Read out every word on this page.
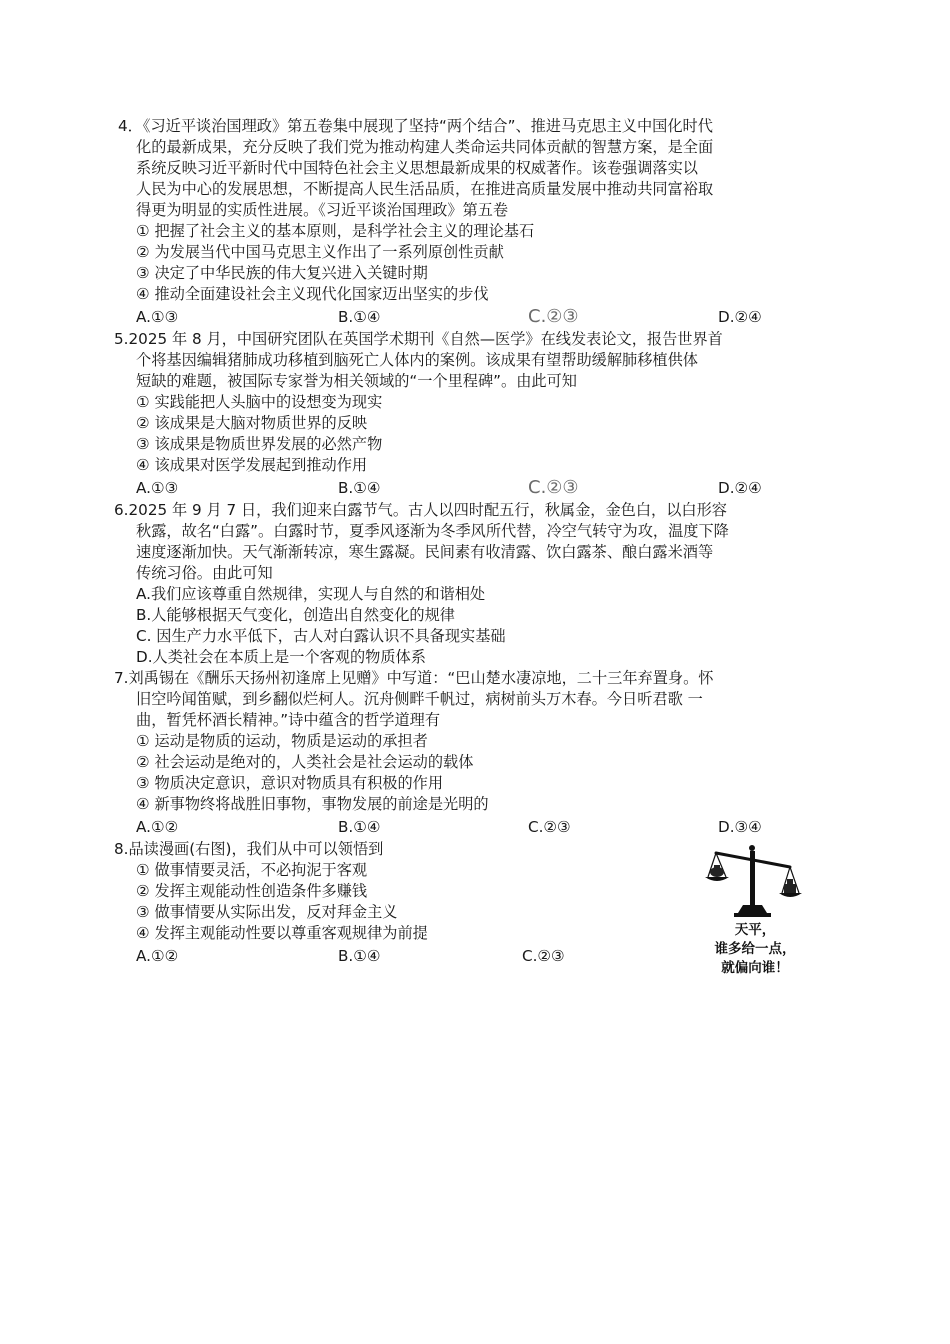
4．《习近平谈治国理政》第五卷集中展现了坚持“两个结合”、推进马克思主义中国化时代
化的最新成果，充分反映了我们党为推动构建人类命运共同体贡献的智慧方案，是全面
系统反映习近平新时代中国特色社会主义思想最新成果的权威著作。该卷强调落实以
人民为中心的发展思想，不断提高人民生活品质，在推进高质量发展中推动共同富裕取
得更为明显的实质性进展。《习近平谈治国理政》第五卷
① 把握了社会主义的基本原则，是科学社会主义的理论基石
② 为发展当代中国马克思主义作出了一系列原创性贡献
③ 决定了中华民族的伟大复兴进入关键时期
④ 推动全面建设社会主义现代化国家迈出坚实的步伐
A.①③	B.①④	C.②③	D.②④
5.2025 年 8 月，中国研究团队在英国学术期刊《自然—医学》在线发表论文，报告世界首
个将基因编辑猪肺成功移植到脑死亡人体内的案例。该成果有望帮助缓解肺移植供体
短缺的难题，被国际专家誉为相关领域的“一个里程碑”。由此可知
① 实践能把人头脑中的设想变为现实
② 该成果是大脑对物质世界的反映
③ 该成果是物质世界发展的必然产物
④ 该成果对医学发展起到推动作用
A.①③	B.①④	C.②③	D.②④
6.2025 年 9 月 7 日，我们迎来白露节气。古人以四时配五行，秋属金，金色白，以白形容
秋露，故名“白露”。白露时节，夏季风逐渐为冬季风所代替，冷空气转守为攻，温度下降
速度逐渐加快。天气渐渐转凉，寒生露凝。民间素有收清露、饮白露茶、酿白露米酒等
传统习俗。由此可知
A.我们应该尊重自然规律，实现人与自然的和谐相处
B.人能够根据天气变化，创造出自然变化的规律
C. 因生产力水平低下，古人对白露认识不具备现实基础
D.人类社会在本质上是一个客观的物质体系
7.刘禹锡在《酬乐天扬州初逢席上见赠》中写道：“巴山楚水凄凉地，二十三年弃置身。怀
旧空吟闻笛赋，到乡翻似烂柯人。沉舟侧畔千帆过，病树前头万木春。今日听君歌 一
曲，暂凭杯酒长精神。”诗中蕴含的哲学道理有
① 运动是物质的运动，物质是运动的承担者
② 社会运动是绝对的，人类社会是社会运动的载体
③ 物质决定意识，意识对物质具有积极的作用
④ 新事物终将战胜旧事物，事物发展的前途是光明的
A.①②	B.①④	C.②③	D.③④
8.品读漫画(右图)，我们从中可以领悟到
① 做事情要灵活，不必拘泥于客观
② 发挥主观能动性创造条件多赚钱
③ 做事情要从实际出发，反对拜金主义
④ 发挥主观能动性要以尊重客观规律为前提
A.①②	B.①④	C.②③
天平，
谁多给一点，
就偏向谁！
